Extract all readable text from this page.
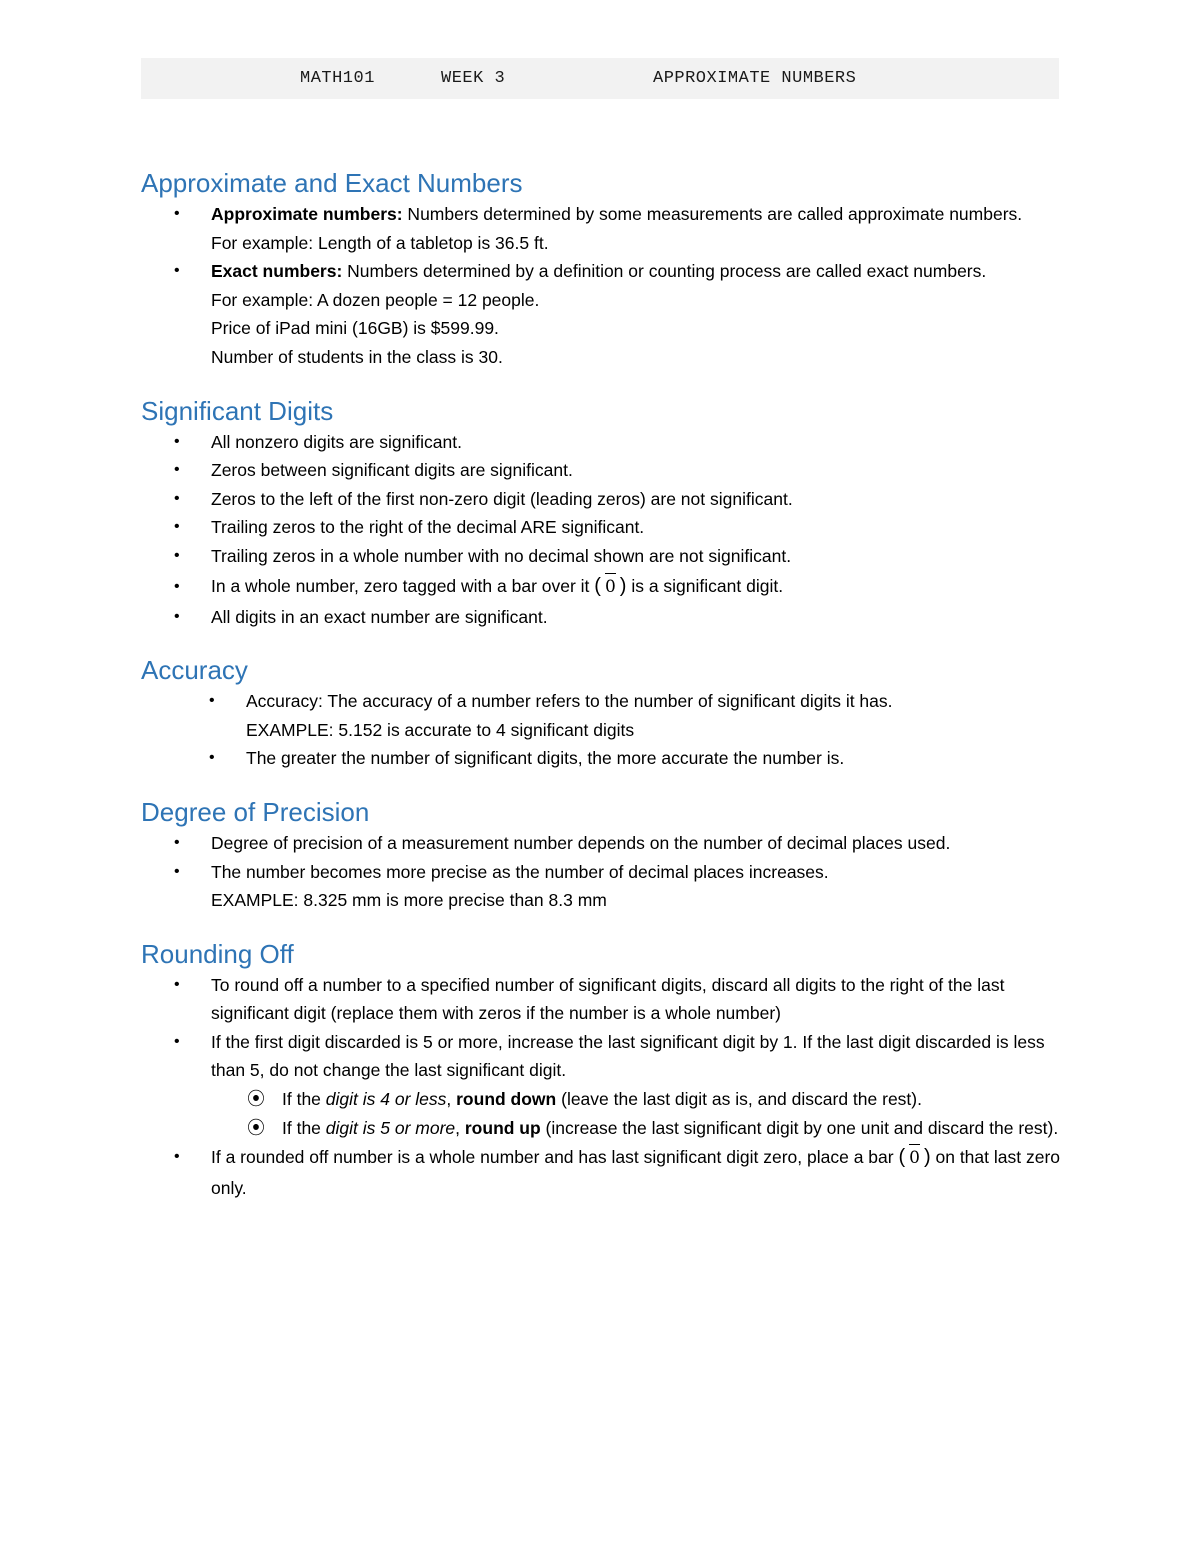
MATH101	WEEK 3	APPROXIMATE NUMBERS
Approximate and Exact Numbers
• Approximate numbers: Numbers determined by some measurements are called approximate numbers.
For example: Length of a tabletop is 36.5 ft.
• Exact numbers: Numbers determined by a definition or counting process are called exact numbers.
For example: A dozen people = 12 people.
Price of iPad mini (16GB) is $599.99.
Number of students in the class is 30.
Significant Digits
• All nonzero digits are significant.
• Zeros between significant digits are significant.
• Zeros to the left of the first non-zero digit (leading zeros) are not significant.
• Trailing zeros to the right of the decimal ARE significant.
• Trailing zeros in a whole number with no decimal shown are not significant.
• In a whole number, zero tagged with a bar over it ( 0 ) is a significant digit.
• All digits in an exact number are significant.
Accuracy
• Accuracy: The accuracy of a number refers to the number of significant digits it has.
EXAMPLE: 5.152 is accurate to 4 significant digits
• The greater the number of significant digits, the more accurate the number is.
Degree of Precision
• Degree of precision of a measurement number depends on the number of decimal places used.
• The number becomes more precise as the number of decimal places increases.
EXAMPLE: 8.325 mm is more precise than 8.3 mm
Rounding Off
• To round off a number to a specified number of significant digits, discard all digits to the right of the last significant digit (replace them with zeros if the number is a whole number)
• If the first digit discarded is 5 or more, increase the last significant digit by 1. If the last digit discarded is less than 5, do not change the last significant digit.
⦿ If the digit is 4 or less, round down (leave the last digit as is, and discard the rest).
⦿ If the digit is 5 or more, round up (increase the last significant digit by one unit and discard the rest).
• If a rounded off number is a whole number and has last significant digit zero, place a bar ( 0 ) on that last zero only.
